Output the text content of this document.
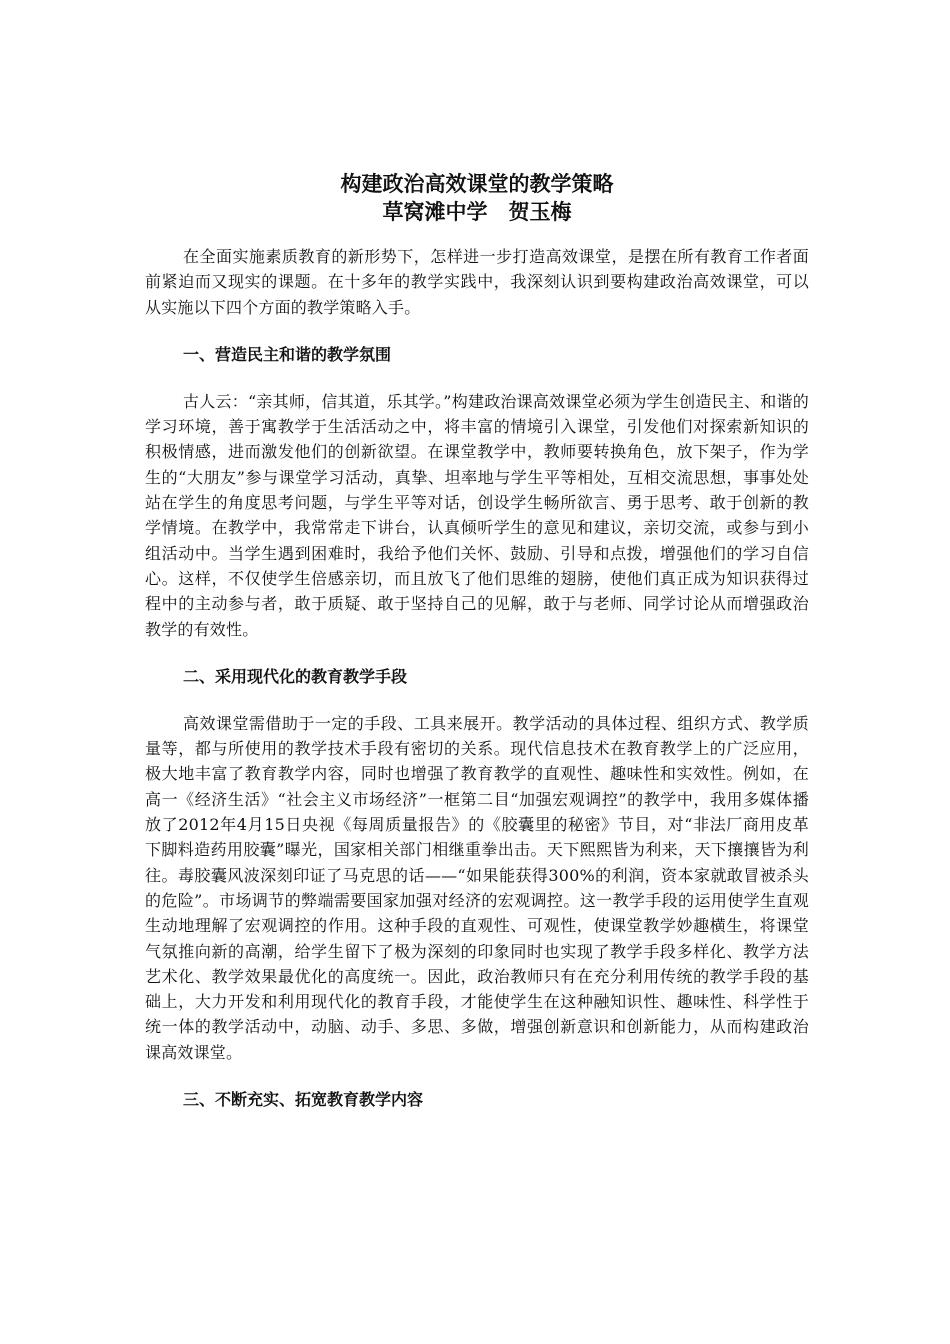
构建政治高效课堂的教学策略
草窝滩中学　贺玉梅

在全面实施素质教育的新形势下，怎样进一步打造高效课堂，是摆在所有教育工作者面前紧迫而又现实的课题。在十多年的教学实践中，我深刻认识到要构建政治高效课堂，可以从实施以下四个方面的教学策略入手。

一、营造民主和谐的教学氛围

古人云：“亲其师，信其道，乐其学。”构建政治课高效课堂必须为学生创造民主、和谐的学习环境，善于寓教学于生活活动之中，将丰富的情境引入课堂，引发他们对探索新知识的积极情感，进而激发他们的创新欲望。在课堂教学中，教师要转换角色，放下架子，作为学生的“大朋友”参与课堂学习活动，真挚、坦率地与学生平等相处，互相交流思想，事事处处站在学生的角度思考问题，与学生平等对话，创设学生畅所欲言、勇于思考、敢于创新的教学情境。在教学中，我常常走下讲台，认真倾听学生的意见和建议，亲切交流，或参与到小组活动中。当学生遇到困难时，我给予他们关怀、鼓励、引导和点拨，增强他们的学习自信心。这样，不仅使学生倍感亲切，而且放飞了他们思维的翅膀，使他们真正成为知识获得过程中的主动参与者，敢于质疑、敢于坚持自己的见解，敢于与老师、同学讨论从而增强政治教学的有效性。

二、采用现代化的教育教学手段

高效课堂需借助于一定的手段、工具来展开。教学活动的具体过程、组织方式、教学质量等，都与所使用的教学技术手段有密切的关系。现代信息技术在教育教学上的广泛应用，极大地丰富了教育教学内容，同时也增强了教育教学的直观性、趣味性和实效性。例如，在高一《经济生活》“社会主义市场经济”一框第二目“加强宏观调控”的教学中，我用多媒体播放了2012年4月15日央视《每周质量报告》的《胶囊里的秘密》节目，对“非法厂商用皮革下脚料造药用胶囊”曝光，国家相关部门相继重拳出击。天下熙熙皆为利来，天下攘攘皆为利往。毒胶囊风波深刻印证了马克思的话——“如果能获得300%的利润，资本家就敢冒被杀头的危险”。市场调节的弊端需要国家加强对经济的宏观调控。这一教学手段的运用使学生直观生动地理解了宏观调控的作用。这种手段的直观性、可观性，使课堂教学妙趣横生，将课堂气氛推向新的高潮，给学生留下了极为深刻的印象同时也实现了教学手段多样化、教学方法艺术化、教学效果最优化的高度统一。因此，政治教师只有在充分利用传统的教学手段的基础上，大力开发和利用现代化的教育手段，才能使学生在这种融知识性、趣味性、科学性于统一体的教学活动中，动脑、动手、多思、多做，增强创新意识和创新能力，从而构建政治课高效课堂。

三、不断充实、拓宽教育教学内容
